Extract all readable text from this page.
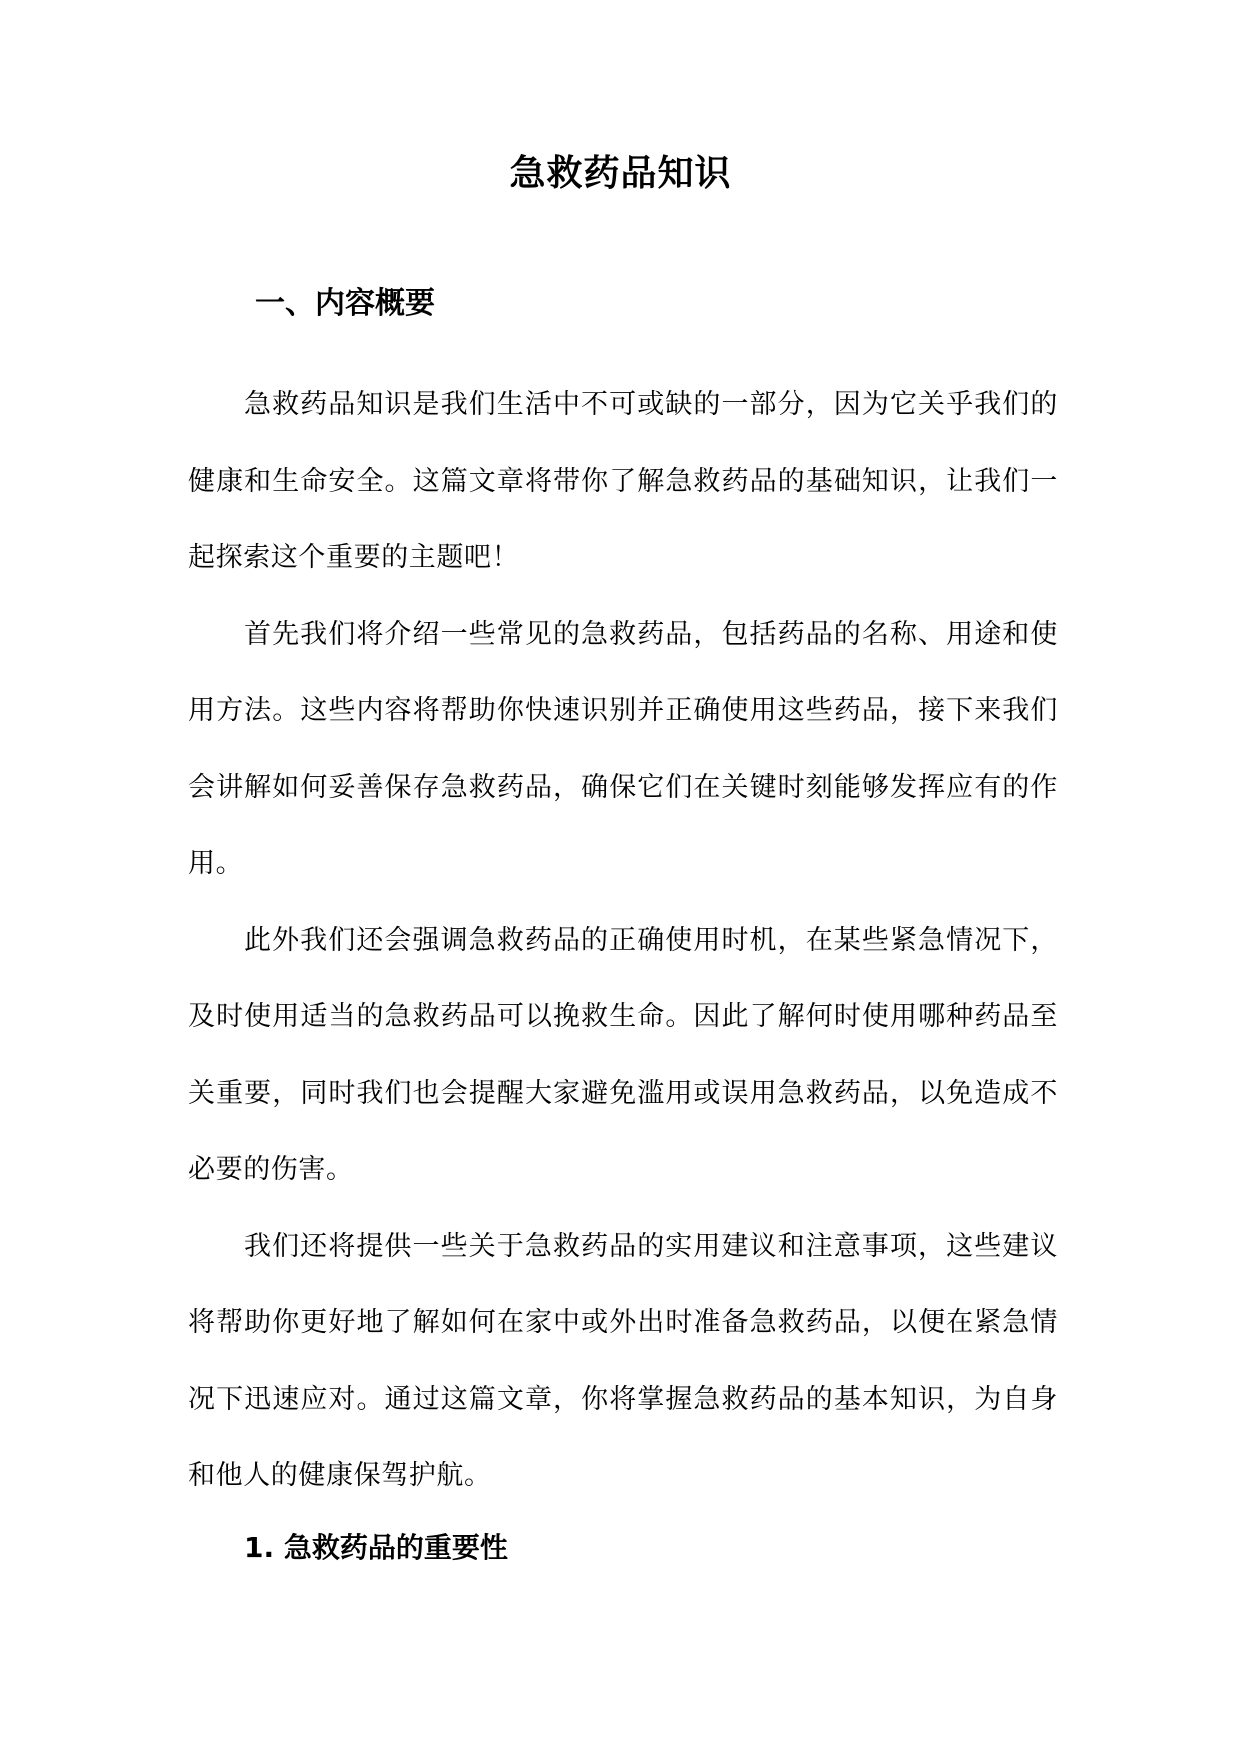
急救药品知识
一、内容概要

急救药品知识是我们生活中不可或缺的一部分，因为它关乎我们的健康和生命安全。这篇文章将带你了解急救药品的基础知识，让我们一起探索这个重要的主题吧！

首先我们将介绍一些常见的急救药品，包括药品的名称、用途和使用方法。这些内容将帮助你快速识别并正确使用这些药品，接下来我们会讲解如何妥善保存急救药品，确保它们在关键时刻能够发挥应有的作用。

此外我们还会强调急救药品的正确使用时机，在某些紧急情况下，及时使用适当的急救药品可以挽救生命。因此了解何时使用哪种药品至关重要，同时我们也会提醒大家避免滥用或误用急救药品，以免造成不必要的伤害。

我们还将提供一些关于急救药品的实用建议和注意事项，这些建议将帮助你更好地了解如何在家中或外出时准备急救药品，以便在紧急情况下迅速应对。通过这篇文章，你将掌握急救药品的基本知识，为自身和他人的健康保驾护航。

1. 急救药品的重要性
